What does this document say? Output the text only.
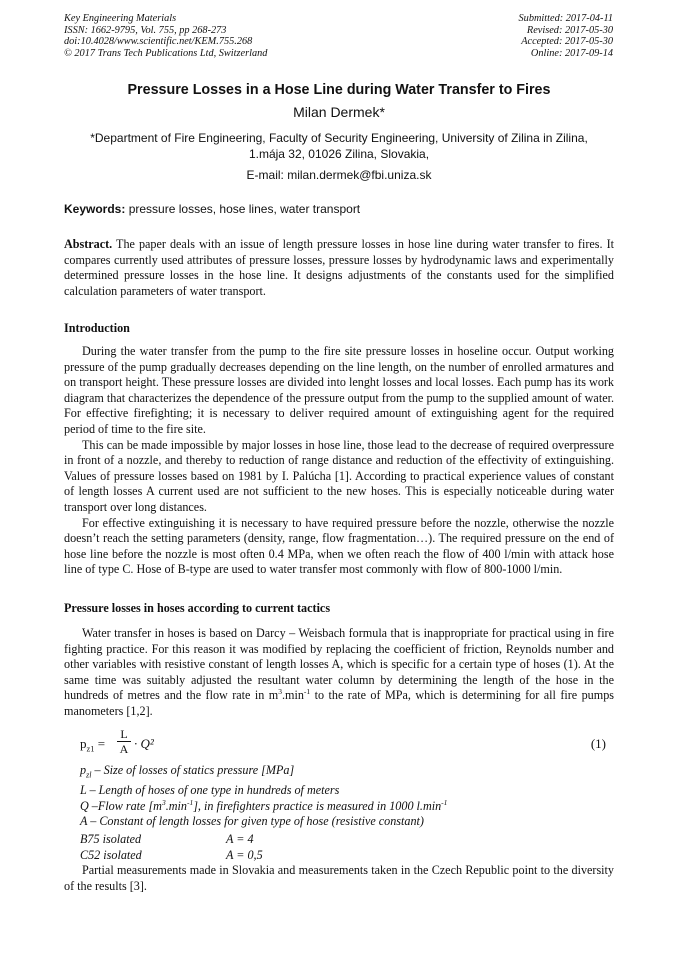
Key Engineering Materials
ISSN: 1662-9795, Vol. 755, pp 268-273
doi:10.4028/www.scientific.net/KEM.755.268
© 2017 Trans Tech Publications Ltd, Switzerland
Submitted: 2017-04-11
Revised: 2017-05-30
Accepted: 2017-05-30
Online: 2017-09-14
Pressure Losses in a Hose Line during Water Transfer to Fires
Milan Dermek*
*Department of Fire Engineering, Faculty of Security Engineering, University of Zilina in Zilina,
1.mája 32, 01026 Zilina, Slovakia,
E-mail: milan.dermek@fbi.uniza.sk
Keywords: pressure losses, hose lines, water transport
Abstract. The paper deals with an issue of length pressure losses in hose line during water transfer to fires. It compares currently used attributes of pressure losses, pressure losses by hydrodynamic laws and experimentally determined pressure losses in the hose line. It designs adjustments of the constants used for the simplified calculation parameters of water transport.
Introduction

During the water transfer from the pump to the fire site pressure losses in hoseline occur. Output working pressure of the pump gradually decreases depending on the line length, on the number of enrolled armatures and on transport height. These pressure losses are divided into lenght losses and local losses. Each pump has its work diagram that characterizes the dependence of the pressure output from the pump to the supplied amount of water. For effective firefighting; it is necessary to deliver required amount of extinguishing agent for the required period of time to the fire site.

This can be made impossible by major losses in hose line, those lead to the decrease of required overpressure in front of a nozzle, and thereby to reduction of range distance and reduction of the effectivity of extinguishing. Values of pressure losses based on 1981 by I. Palúcha [1]. According to practical experience values of constant of length losses A current used are not sufficient to the new hoses. This is especially noticeable during water transport over long distances.

For effective extinguishing it is necessary to have required pressure before the nozzle, otherwise the nozzle doesn’t reach the setting parameters (density, range, flow fragmentation…). The required pressure on the end of hose line before the nozzle is most often 0.4 MPa, when we often reach the flow of 400 l/min with attack hose line of type C. Hose of B-type are used to water transfer most commonly with flow of 800-1000 l/min.

Pressure losses in hoses according to current tactics

Water transfer in hoses is based on Darcy – Weisbach formula that is inappropriate for practical using in fire fighting practice. For this reason it was modified by replacing the coefficient of friction, Reynolds number and other variables with resistive constant of length losses A, which is specific for a certain type of hoses (1). At the same time was suitably adjusted the resultant water column by determining the length of the hose in the hundreds of metres and the flow rate in $m^3.\min^{-1}$ to the rate of MPa, which is determining for all fire pumps manometers [1,2].

$p_{z1} = \frac{L}{A} \cdot Q^2$	(1)
$p_{zl}$ – Size of losses of statics pressure [MPa]
L – Length of hoses of one type in hundreds of meters
Q –Flow rate $[m^3.\min^{-1}]$, in firefighters practice is measured in 1000 $l.\min^{-1}$
A – Constant of length losses for given type of hose (resistive constant)
B75 isolated	A = 4
C52 isolated	A = 0,5

Partial measurements made in Slovakia and measurements taken in the Czech Republic point to the diversity of the results [3].
